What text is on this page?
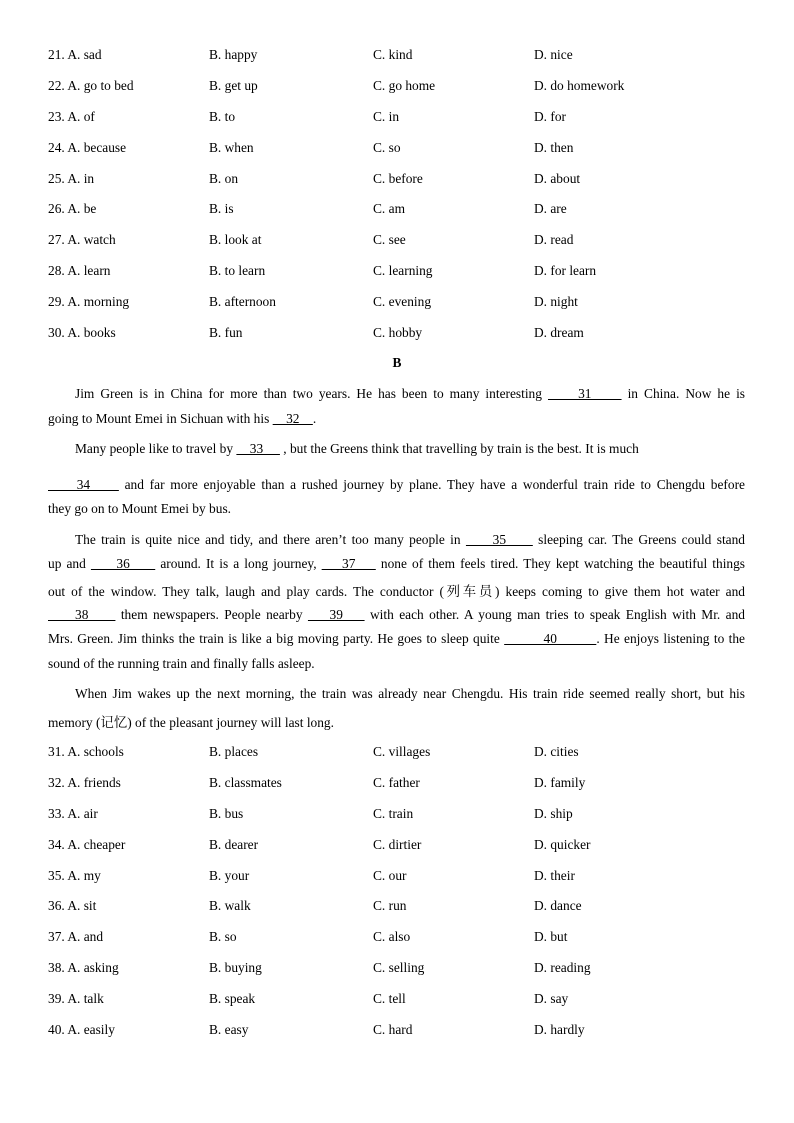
21. A. sad	B. happy	C. kind	D. nice
22. A. go to bed	B. get up	C. go home	D. do homework
23. A. of	B. to	C. in	D. for
24. A. because	B. when	C. so	D. then
25. A. in	B. on	C. before	D. about
26. A. be	B. is	C. am	D. are
27. A. watch	B. look at	C. see	D. read
28. A. learn	B. to learn	C. learning	D. for learn
29. A. morning	B. afternoon	C. evening	D. night
30. A. books	B. fun	C. hobby	D. dream
B
Jim Green is in China for more than two years. He has been to many interesting      31      in China. Now he is
going to Mount Emei in Sichuan with his     32    .
Many people like to travel by     33      , but the Greens think that travelling by train is the best. It is much
34      and far more enjoyable than a rushed journey by plane. They have a wonderful train ride to Chengdu before
they go on to Mount Emei by bus.
The train is quite nice and tidy, and there aren’t too many people in      35      sleeping car. The Greens could stand
up and      36      around. It is a long journey,     37     none of them feels tired. They kept watching the beautiful things
out of the window. They talk, laugh and play cards. The conductor (列车员) keeps coming to give them hot water and
38      them newspapers. People nearby     39     with each other. A young man tries to speak English with Mr. and
Mrs. Green. Jim thinks the train is like a big moving party. He goes to sleep quite          40         . He enjoys listening to the
sound of the running train and finally falls asleep.
When Jim wakes up the next morning, the train was already near Chengdu. His train ride seemed really short, but his
memory (记忆) of the pleasant journey will last long.
31. A. schools	B. places	C. villages	D. cities
32. A. friends	B. classmates	C. father	D. family
33. A. air	B. bus	C. train	D. ship
34. A. cheaper	B. dearer	C. dirtier	D. quicker
35. A. my	B. your	C. our	D. their
36. A. sit	B. walk	C. run	D. dance
37. A. and	B. so	C. also	D. but
38. A. asking	B. buying	C. selling	D. reading
39. A. talk	B. speak	C. tell	D. say
40. A. easily	B. easy	C. hard	D. hardly
